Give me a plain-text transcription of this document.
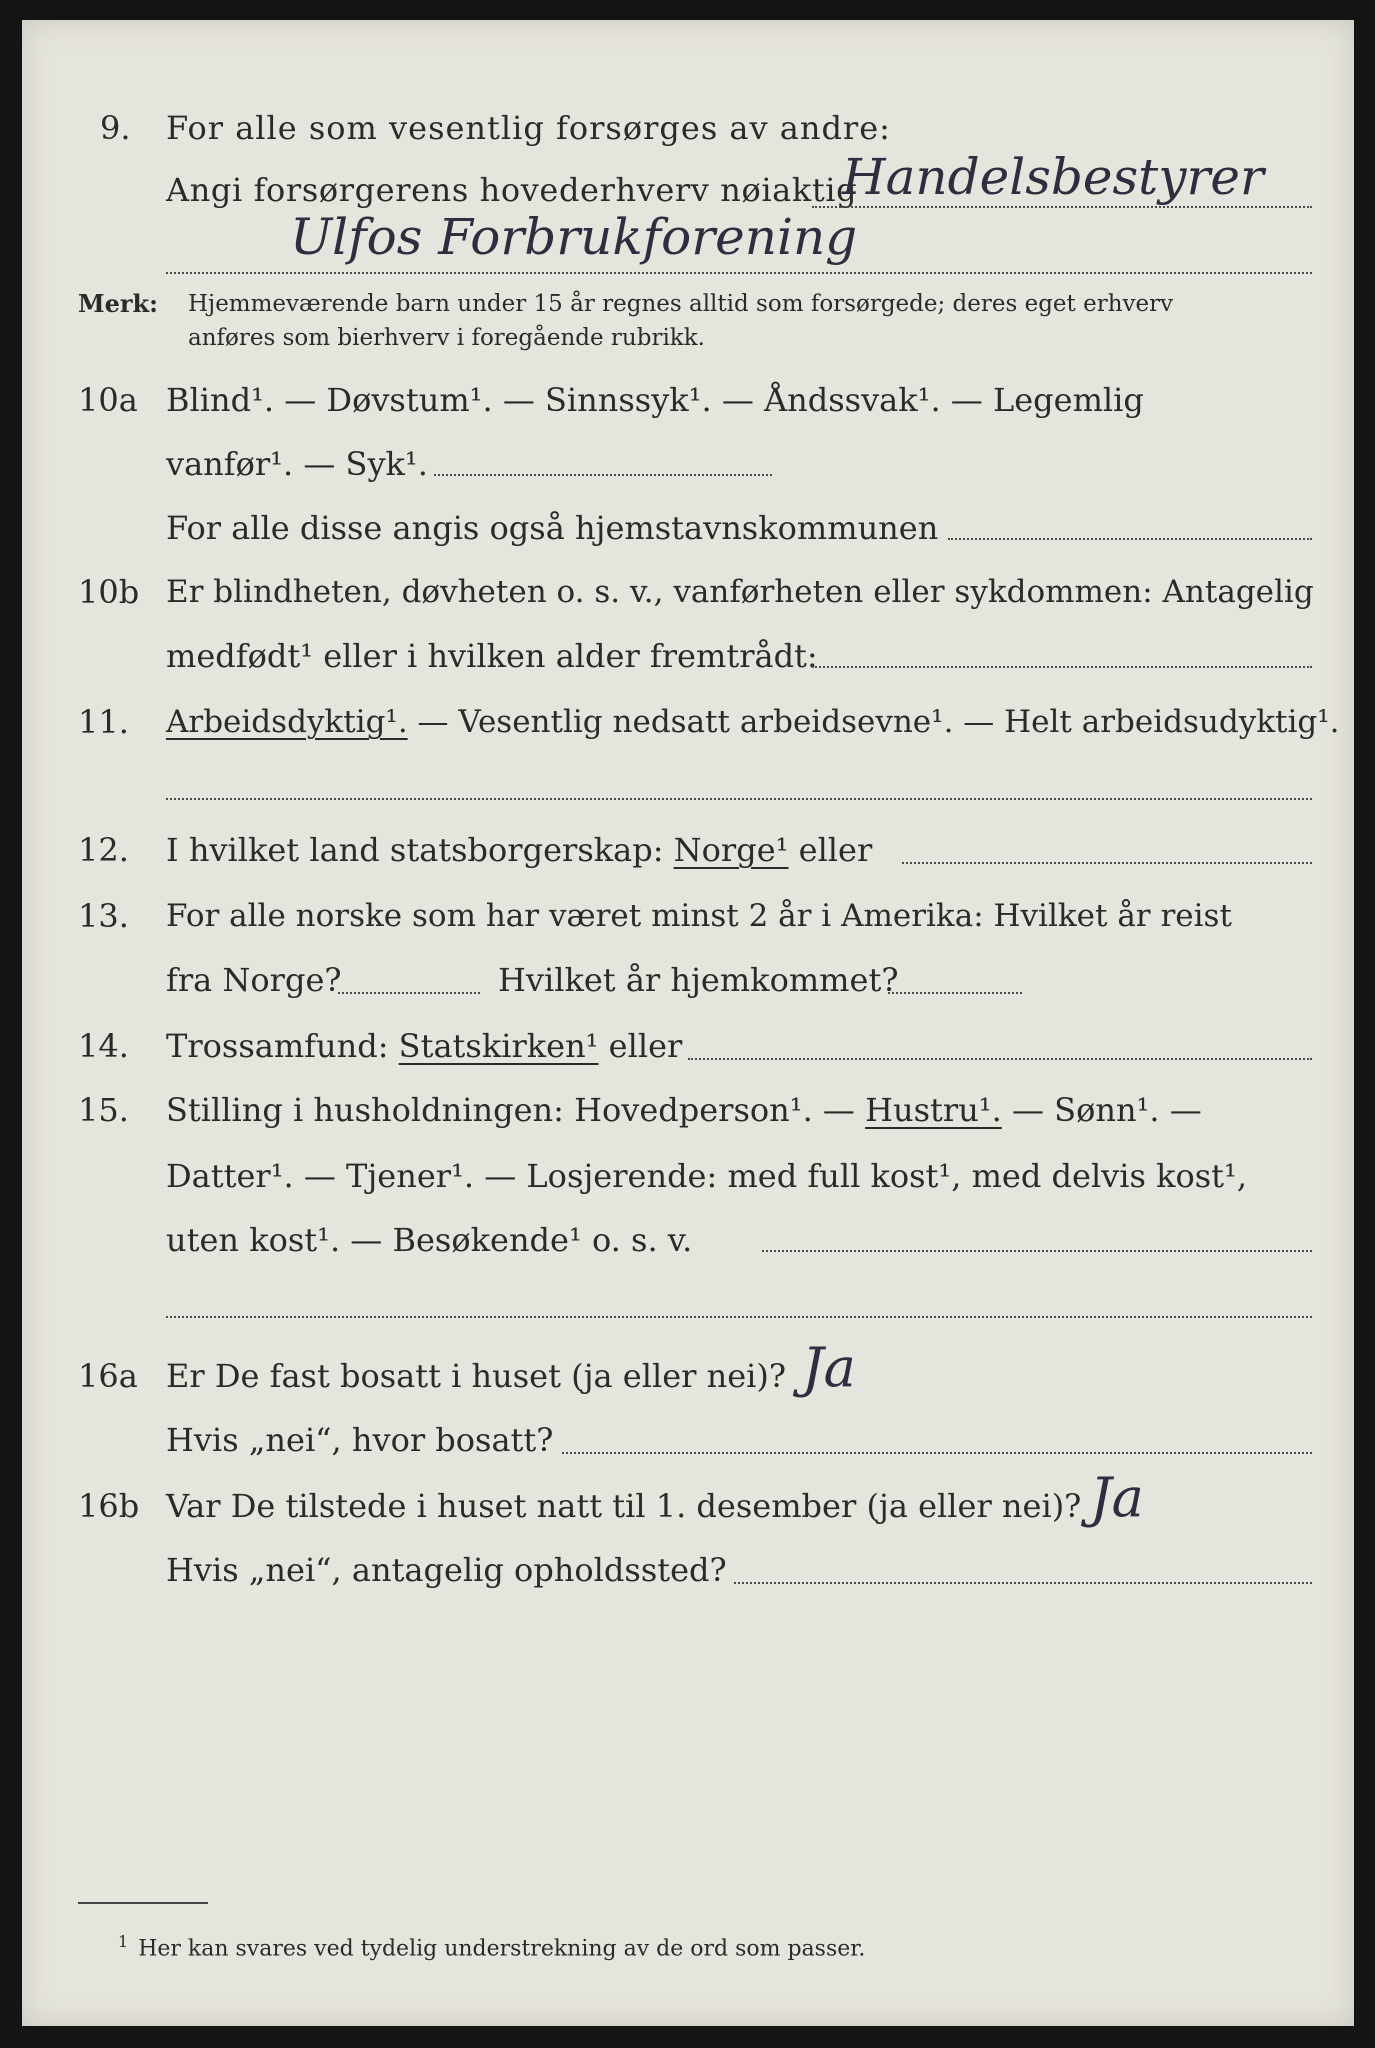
9. For alle som vesentlig forsørges av andre:
Angi forsørgerens hovederhverv nøiaktig
Handelsbestyrer
Ulfos Forbrukforening
Merk: Hjemmeværende barn under 15 år regnes alltid som forsørgede; deres eget erhverv
anføres som bierhverv i foregående rubrikk.
10a Blind¹. — Døvstum¹. — Sinnssyk¹. — Åndssvak¹. — Legemlig
vanfør¹. — Syk¹.
For alle disse angis også hjemstavnskommunen
10b Er blindheten, døvheten o. s. v., vanførheten eller sykdommen: Antagelig
medfødt¹ eller i hvilken alder fremtrådt:
11. Arbeidsdyktig¹. — Vesentlig nedsatt arbeidsevne¹. — Helt arbeidsudyktig¹.
12. I hvilket land statsborgerskap: Norge¹ eller
13. For alle norske som har været minst 2 år i Amerika: Hvilket år reist
fra Norge?	Hvilket år hjemkommet?
14. Trossamfund: Statskirken¹ eller
15. Stilling i husholdningen: Hovedperson¹. — Hustru¹. — Sønn¹. —
Datter¹. — Tjener¹. — Losjerende: med full kost¹, med delvis kost¹,
uten kost¹. — Besøkende¹ o. s. v.
16a Er De fast bosatt i huset (ja eller nei)? Ja
Hvis „nei“, hvor bosatt?
16b Var De tilstede i huset natt til 1. desember (ja eller nei)? Ja
Hvis „nei“, antagelig opholdssted?
$^1$ Her kan svares ved tydelig understrekning av de ord som passer.
